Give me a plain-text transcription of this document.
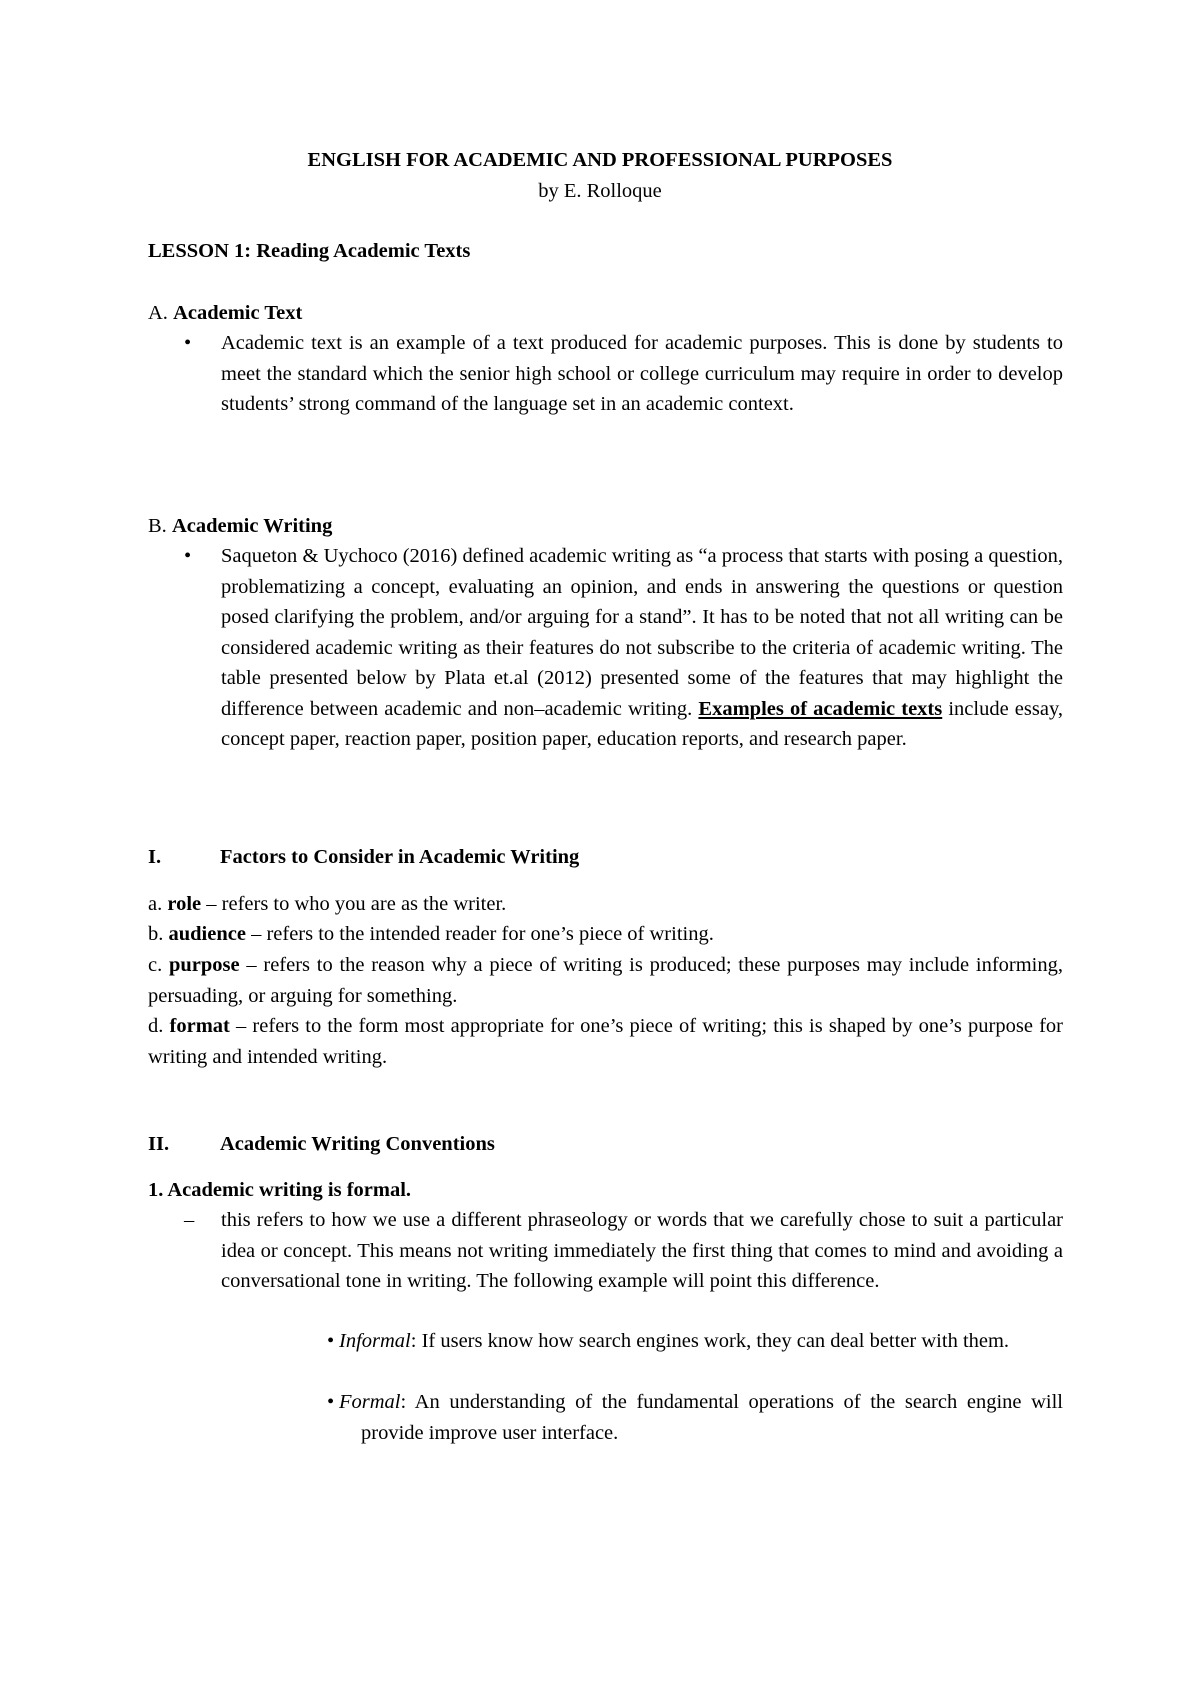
ENGLISH FOR ACADEMIC AND PROFESSIONAL PURPOSES
by E. Rolloque
LESSON 1: Reading Academic Texts
A. Academic Text
• Academic text is an example of a text produced for academic purposes. This is done by students to meet the standard which the senior high school or college curriculum may require in order to develop students’ strong command of the language set in an academic context.
B. Academic Writing
• Saqueton & Uychoco (2016) defined academic writing as “a process that starts with posing a question, problematizing a concept, evaluating an opinion, and ends in answering the questions or question posed clarifying the problem, and/or arguing for a stand”. It has to be noted that not all writing can be considered academic writing as their features do not subscribe to the criteria of academic writing. The table presented below by Plata et.al (2012) presented some of the features that may highlight the difference between academic and non–academic writing. Examples of academic texts include essay, concept paper, reaction paper, position paper, education reports, and research paper.
I.	Factors to Consider in Academic Writing
a. role – refers to who you are as the writer.
b. audience – refers to the intended reader for one’s piece of writing.
c. purpose – refers to the reason why a piece of writing is produced; these purposes may include informing, persuading, or arguing for something.
d. format – refers to the form most appropriate for one’s piece of writing; this is shaped by one’s purpose for writing and intended writing.
II. Academic Writing Conventions
1. Academic writing is formal.
– this refers to how we use a different phraseology or words that we carefully chose to suit a particular idea or concept. This means not writing immediately the first thing that comes to mind and avoiding a conversational tone in writing. The following example will point this difference.
• Informal: If users know how search engines work, they can deal better with them.
• Formal: An understanding of the fundamental operations of the search engine will provide improve user interface.
